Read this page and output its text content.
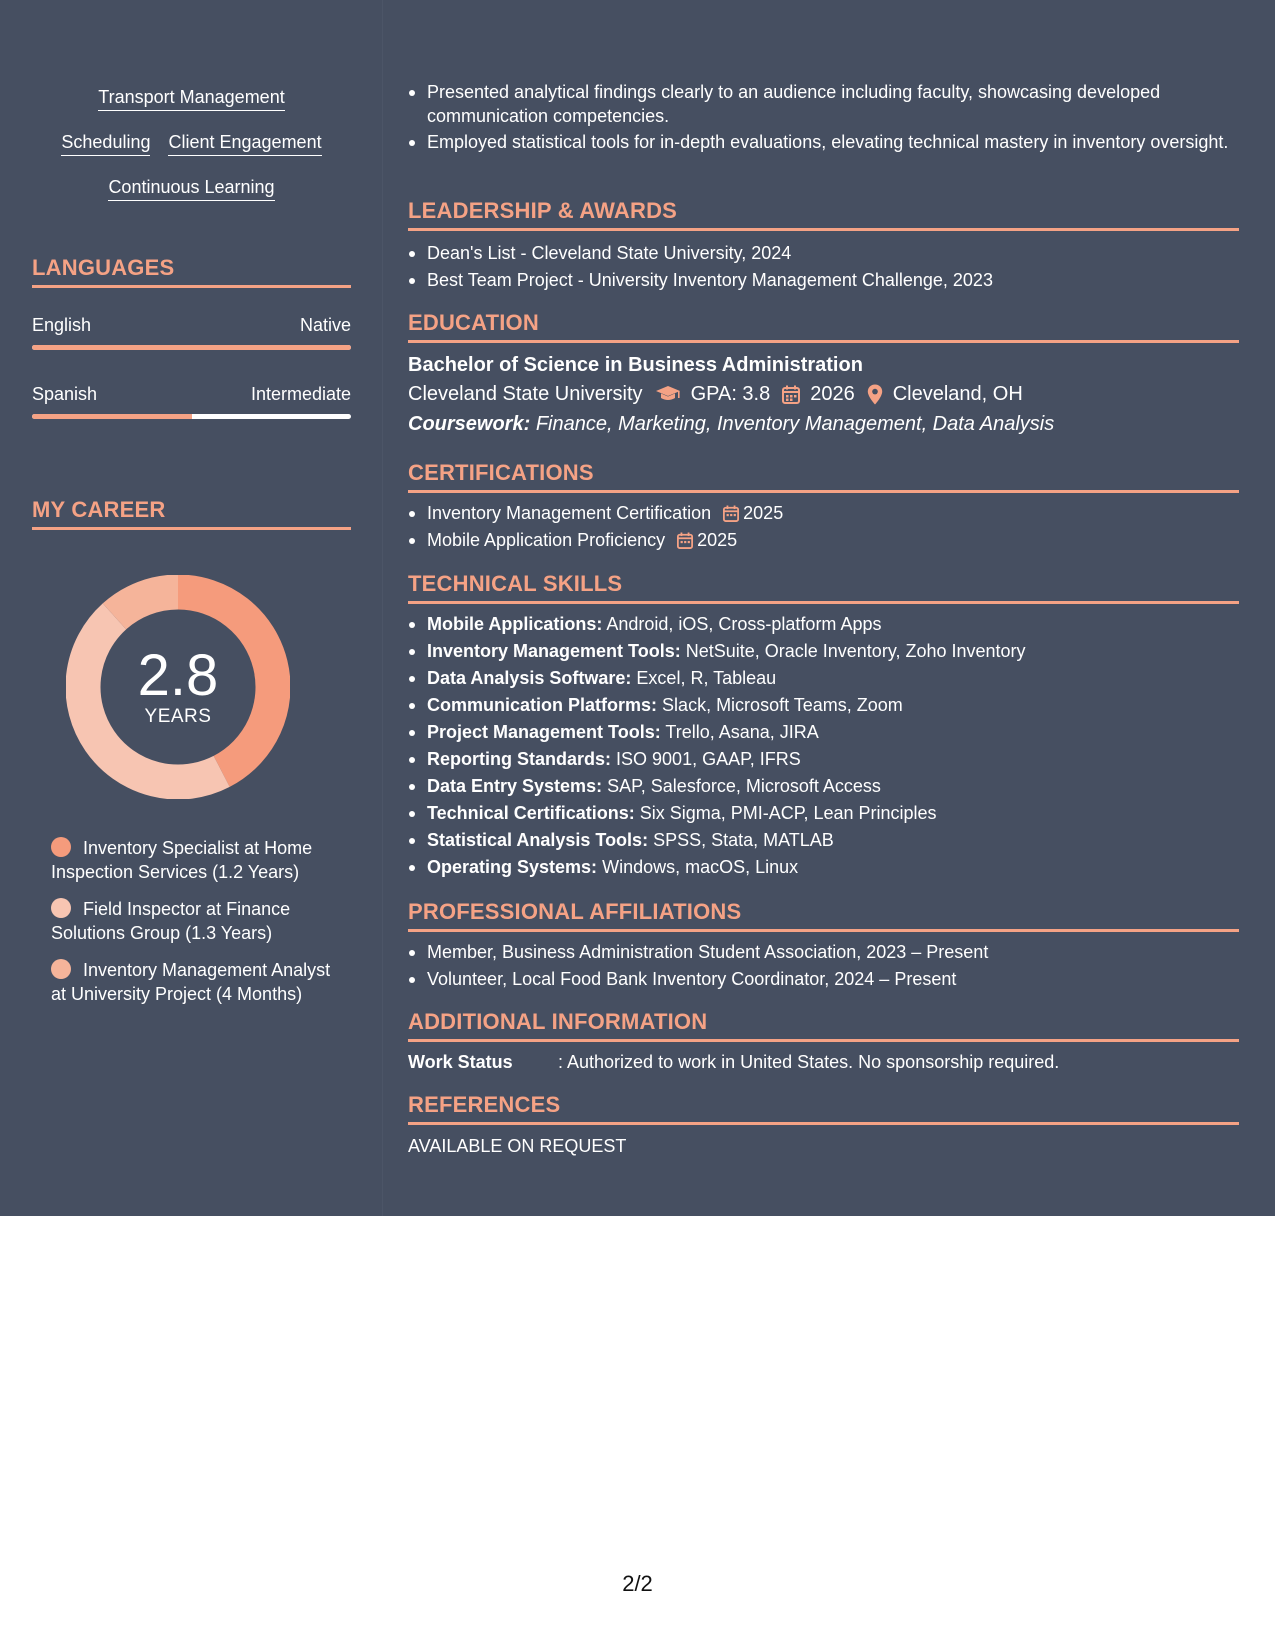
Transport Management
Scheduling Client Engagement
Continuous Learning
LANGUAGES
English	Native
Spanish	Intermediate
MY CAREER
2.8
YEARS
Inventory Specialist at Home Inspection Services (1.2 Years)
Field Inspector at Finance Solutions Group (1.3 Years)
Inventory Management Analyst at University Project (4 Months)
Presented analytical findings clearly to an audience including faculty, showcasing developed communication competencies.
Employed statistical tools for in-depth evaluations, elevating technical mastery in inventory oversight.
LEADERSHIP & AWARDS
Dean's List - Cleveland State University, 2024
Best Team Project - University Inventory Management Challenge, 2023
EDUCATION
Bachelor of Science in Business Administration
Cleveland State University GPA: 3.8 2026 Cleveland, OH
Coursework: Finance, Marketing, Inventory Management, Data Analysis
CERTIFICATIONS
Inventory Management Certification 2025
Mobile Application Proficiency 2025
TECHNICAL SKILLS
Mobile Applications: Android, iOS, Cross-platform Apps
Inventory Management Tools: NetSuite, Oracle Inventory, Zoho Inventory
Data Analysis Software: Excel, R, Tableau
Communication Platforms: Slack, Microsoft Teams, Zoom
Project Management Tools: Trello, Asana, JIRA
Reporting Standards: ISO 9001, GAAP, IFRS
Data Entry Systems: SAP, Salesforce, Microsoft Access
Technical Certifications: Six Sigma, PMI-ACP, Lean Principles
Statistical Analysis Tools: SPSS, Stata, MATLAB
Operating Systems: Windows, macOS, Linux
PROFESSIONAL AFFILIATIONS
Member, Business Administration Student Association, 2023 – Present
Volunteer, Local Food Bank Inventory Coordinator, 2024 – Present
ADDITIONAL INFORMATION
Work Status	: Authorized to work in United States. No sponsorship required.
REFERENCES
AVAILABLE ON REQUEST
2/2
